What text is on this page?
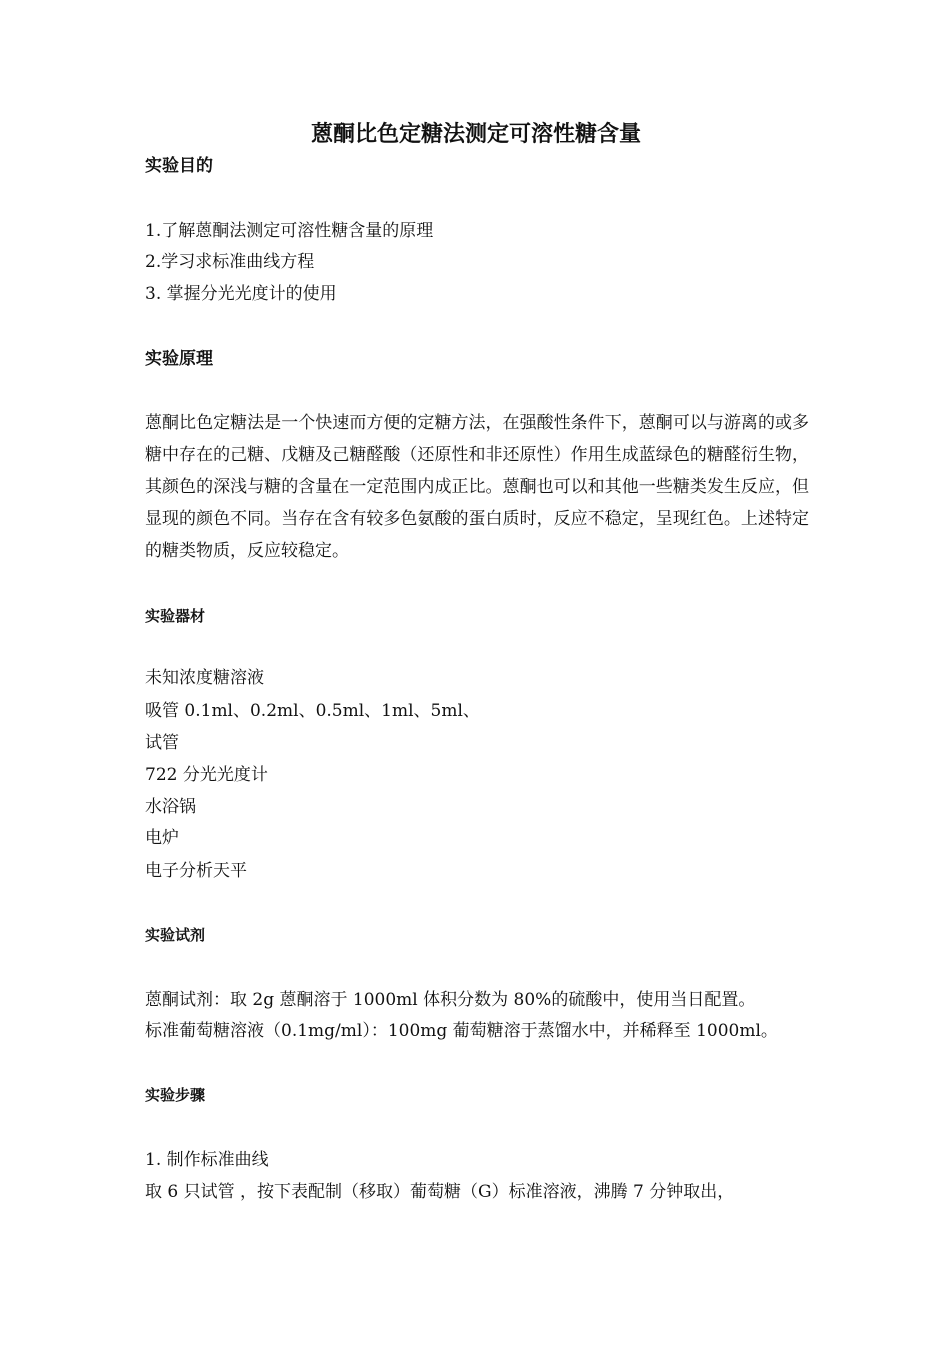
蒽酮比色定糖法测定可溶性糖含量
实验目的

1.了解蒽酮法测定可溶性糖含量的原理

2.学习求标准曲线方程

3. 掌握分光光度计的使用

实验原理

蒽酮比色定糖法是一个快速而方便的定糖方法，在强酸性条件下，蒽酮可以与游离的或多糖中存在的己糖、戊糖及己糖醛酸（还原性和非还原性）作用生成蓝绿色的糖醛衍生物，其颜色的深浅与糖的含量在一定范围内成正比。蒽酮也可以和其他一些糖类发生反应，但显现的颜色不同。当存在含有较多色氨酸的蛋白质时，反应不稳定，呈现红色。上述特定的糖类物质，反应较稳定。

实验器材

未知浓度糖溶液

吸管 0.1ml、0.2ml、0.5ml、1ml、5ml、

试管

722 分光光度计

水浴锅

电炉

电子分析天平

实验试剂

蒽酮试剂：取 2g 蒽酮溶于 1000ml 体积分数为 80%的硫酸中，使用当日配置。

标准葡萄糖溶液（0.1mg/ml）：100mg 葡萄糖溶于蒸馏水中，并稀释至 1000ml。

实验步骤

1. 制作标准曲线

取 6 只试管 ，按下表配制（移取）葡萄糖（G）标准溶液，沸腾 7 分钟取出，
